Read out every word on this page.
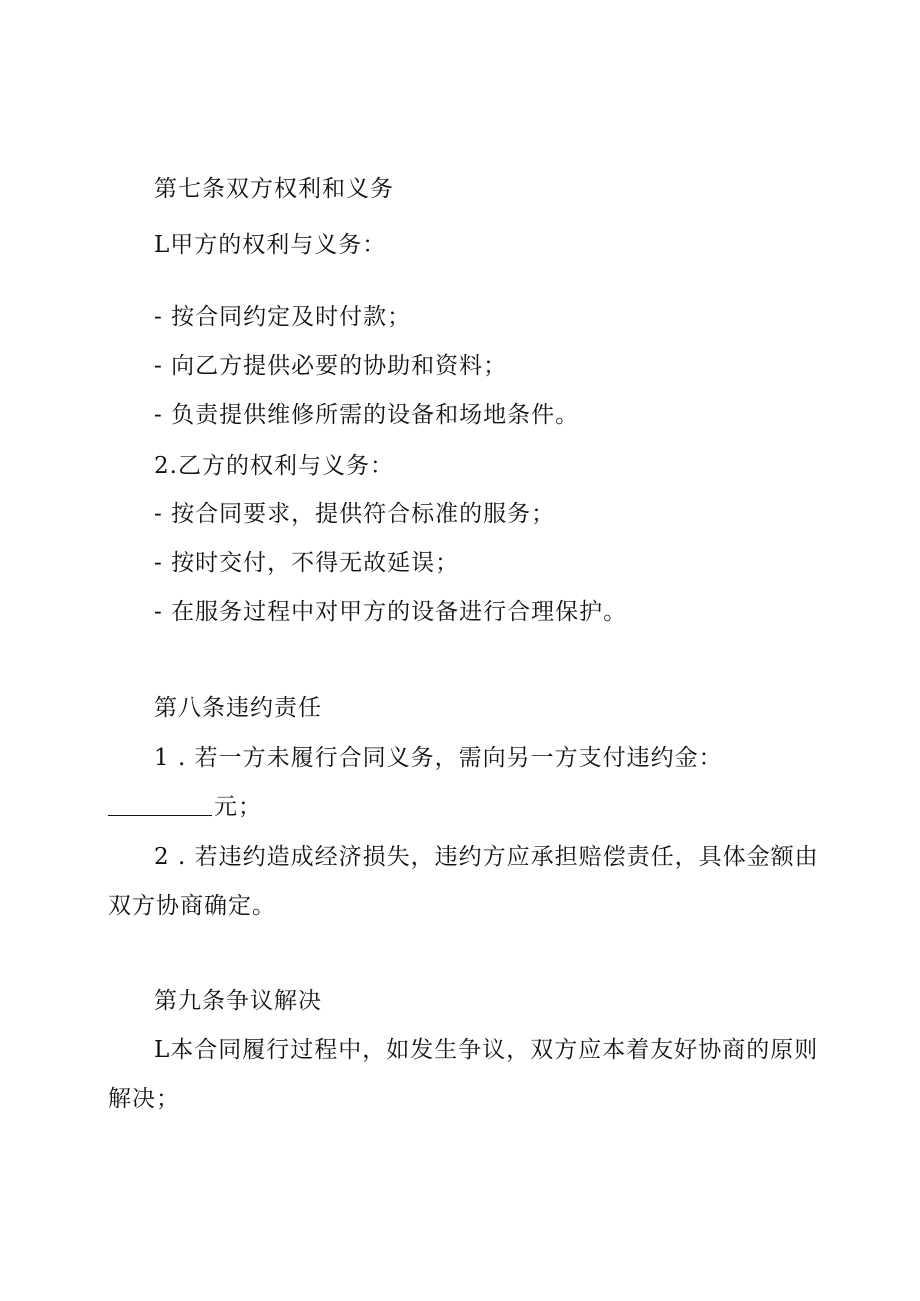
第七条双方权利和义务
L甲方的权利与义务：
- 按合同约定及时付款；
- 向乙方提供必要的协助和资料；
- 负责提供维修所需的设备和场地条件。
2.乙方的权利与义务：
- 按合同要求，提供符合标准的服务；
- 按时交付，不得无故延误；
- 在服务过程中对甲方的设备进行合理保护。
第八条违约责任
1 . 若一方未履行合同义务，需向另一方支付违约金：
元；
2 . 若违约造成经济损失，违约方应承担赔偿责任，具体金额由
双方协商确定。
第九条争议解决
L本合同履行过程中，如发生争议，双方应本着友好协商的原则
解决；
